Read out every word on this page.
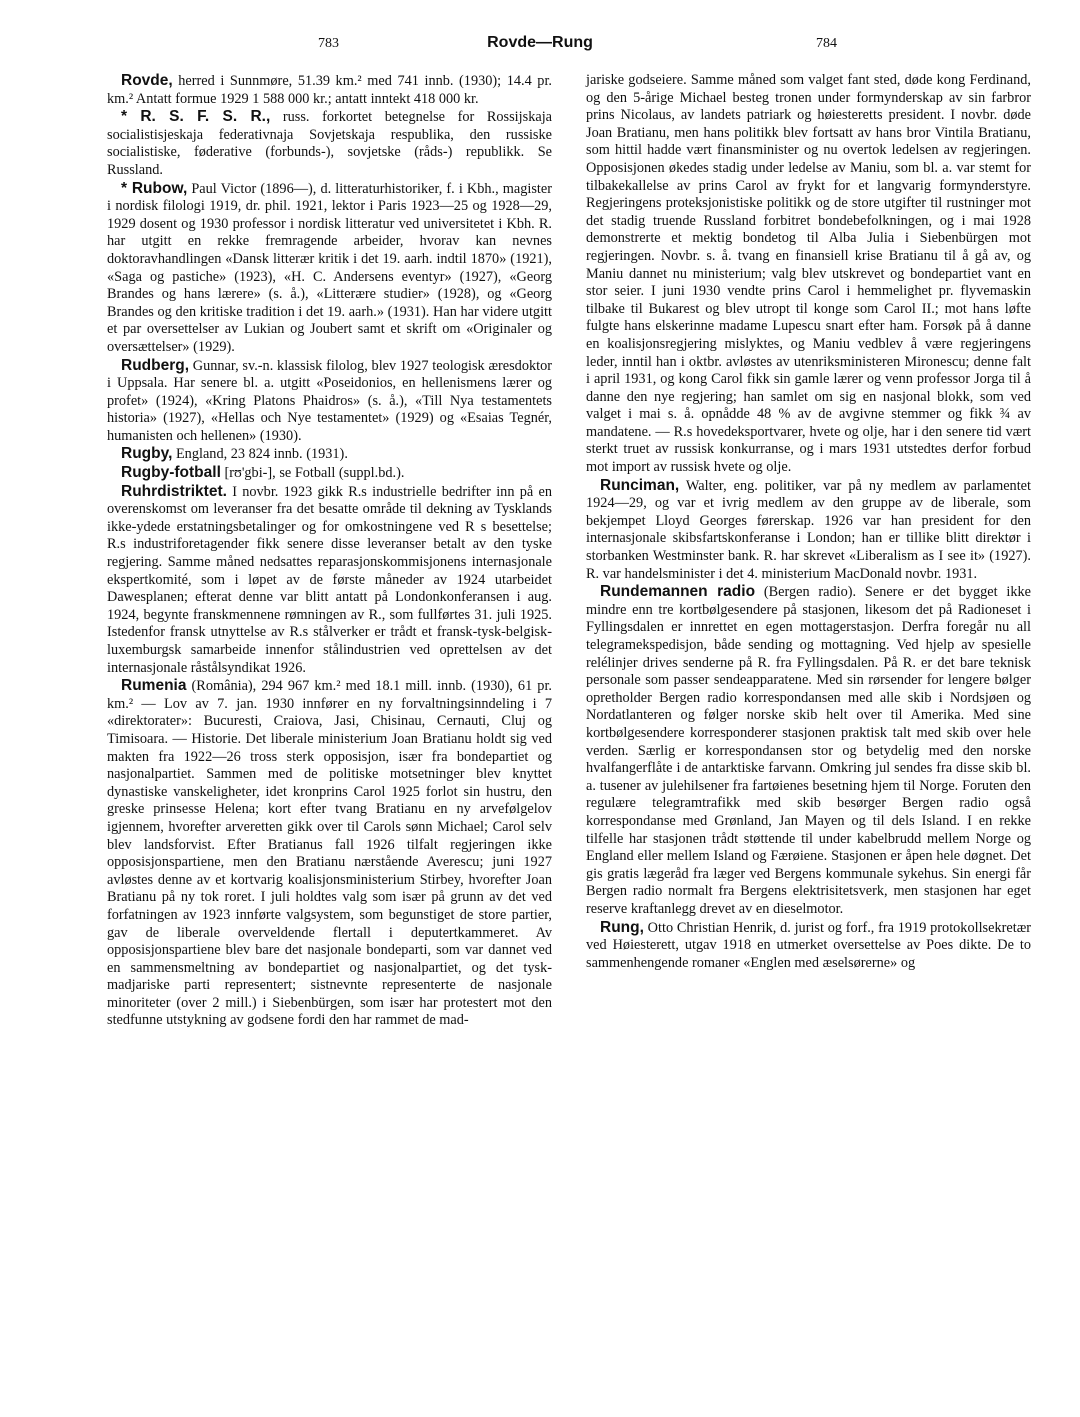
783	Rovde—Rung	784

Rovde, herred i Sunnmøre, 51.39 km.² med 741 innb. (1930); 14.4 pr. km.² Antatt formue 1929 1 588 000 kr.; antatt inntekt 418 000 kr.

* R. S. F. S. R., russ. forkortet betegnelse for Rossijskaja socialistisjeskaja federativnaja Sovjetskaja respublika, den russiske socialistiske, føderative (forbunds-), sovjetske (råds-) republikk. Se Russland.

* Rubow, Paul Victor (1896—), d. litteraturhistoriker, f. i Kbh., magister i nordisk filologi 1919, dr. phil. 1921, lektor i Paris 1923—25 og 1928—29, 1929 dosent og 1930 professor i nordisk litteratur ved universitetet i Kbh. R. har utgitt en rekke fremragende arbeider, hvorav kan nevnes doktoravhandlingen «Dansk litterær kritik i det 19. aarh. indtil 1870» (1921), «Saga og pastiche» (1923), «H. C. Andersens eventyr» (1927), «Georg Brandes og hans lærere» (s. å.), «Litterære studier» (1928), og «Georg Brandes og den kritiske tradition i det 19. aarh.» (1931). Han har videre utgitt et par oversettelser av Lukian og Joubert samt et skrift om «Originaler og oversættelser» (1929).

Rudberg, Gunnar, sv.-n. klassisk filolog, blev 1927 teologisk æresdoktor i Uppsala. Har senere bl. a. utgitt «Poseidonios, en hellenismens lærer og profet» (1924), «Kring Platons Phaidros» (s. å.), «Till Nya testamentets historia» (1927), «Hellas och Nye testamentet» (1929) og «Esaias Tegnér, humanisten och hellenen» (1930).

Rugby, England, 23 824 innb. (1931).

Rugby-fotball [rʊ'gbi-], se Fotball (suppl.bd.).

Ruhrdistriktet. I novbr. 1923 gikk R.s industrielle bedrifter inn på en overenskomst om leveranser fra det besatte område til dekning av Tysklands ikke-ydede erstatningsbetalinger og for omkostningene ved R s besettelse; R.s industriforetagender fikk senere disse leveranser betalt av den tyske regjering. Samme måned nedsattes reparasjonskommisjonens internasjonale ekspertkomité, som i løpet av de første måneder av 1924 utarbeidet Dawesplanen; efterat denne var blitt antatt på Londonkonferansen i aug. 1924, begynte franskmennene rømningen av R., som fullførtes 31. juli 1925. Istedenfor fransk utnyttelse av R.s stålverker er trådt et fransk-tysk-belgisk-luxemburgsk samarbeide innenfor stålindustrien ved oprettelsen av det internasjonale råstålsyndikat 1926.

Rumenia (România), 294 967 km.² med 18.1 mill. innb. (1930), 61 pr. km.² — Lov av 7. jan. 1930 innfører en ny forvaltningsinndeling i 7 «direktorater»: Bucuresti, Craiova, Jasi, Chisinau, Cernauti, Cluj og Timisoara. — Historie. Det liberale ministerium Joan Bratianu holdt sig ved makten fra 1922—26 tross sterk opposisjon, især fra bondepartiet og nasjonalpartiet. Sammen med de politiske motsetninger blev knyttet dynastiske vanskeligheter, idet kronprins Carol 1925 forlot sin hustru, den greske prinsesse Helena; kort efter tvang Bratianu en ny arvefølgelov igjennem, hvorefter arveretten gikk over til Carols sønn Michael; Carol selv blev landsforvist. Efter Bratianus fall 1926 tilfalt regjeringen ikke opposisjonspartiene, men den Bratianu nærstående Averescu; juni 1927 avløstes denne av et kortvarig koalisjonsministerium Stirbey, hvorefter Joan Bratianu på ny tok roret. I juli holdtes valg som især på grunn av det ved forfatningen av 1923 innførte valgsystem, som begunstiget de store partier, gav de liberale overveldende flertall i deputertkammeret. Av opposisjonspartiene blev bare det nasjonale bondeparti, som var dannet ved en sammensmeltning av bondepartiet og nasjonalpartiet, og det tysk-madjariske parti representert; sistnevnte representerte de nasjonale minoriteter (over 2 mill.) i Siebenbürgen, som især har protestert mot den stedfunne utstykning av godsene fordi den har rammet de mad-

jariske godseiere. Samme måned som valget fant sted, døde kong Ferdinand, og den 5-årige Michael besteg tronen under formynderskap av sin farbror prins Nicolaus, av landets patriark og høiesteretts president. I novbr. døde Joan Bratianu, men hans politikk blev fortsatt av hans bror Vintila Bratianu, som hittil hadde vært finansminister og nu overtok ledelsen av regjeringen. Opposisjonen økedes stadig under ledelse av Maniu, som bl. a. var stemt for tilbakekallelse av prins Carol av frykt for et langvarig formynderstyre. Regjeringens proteksjonistiske politikk og de store utgifter til rustninger mot det stadig truende Russland forbitret bondebefolkningen, og i mai 1928 demonstrerte et mektig bondetog til Alba Julia i Siebenbürgen mot regjeringen. Novbr. s. å. tvang en finansiell krise Bratianu til å gå av, og Maniu dannet nu ministerium; valg blev utskrevet og bondepartiet vant en stor seier. I juni 1930 vendte prins Carol i hemmelighet pr. flyvemaskin tilbake til Bukarest og blev utropt til konge som Carol II.; mot hans løfte fulgte hans elskerinne madame Lupescu snart efter ham. Forsøk på å danne en koalisjonsregjering mislyktes, og Maniu vedblev å være regjeringens leder, inntil han i oktbr. avløstes av utenriksministeren Mironescu; denne falt i april 1931, og kong Carol fikk sin gamle lærer og venn professor Jorga til å danne den nye regjering; han samlet om sig en nasjonal blokk, som ved valget i mai s. å. opnådde 48 % av de avgivne stemmer og fikk ¾ av mandatene. — R.s hovedeksportvarer, hvete og olje, har i den senere tid vært sterkt truet av russisk konkurranse, og i mars 1931 utstedtes derfor forbud mot import av russisk hvete og olje.

Runciman, Walter, eng. politiker, var på ny medlem av parlamentet 1924—29, og var et ivrig medlem av den gruppe av de liberale, som bekjempet Lloyd Georges førerskap. 1926 var han president for den internasjonale skibsfartskonferanse i London; han er tillike blitt direktør i storbanken Westminster bank. R. har skrevet «Liberalism as I see it» (1927). R. var handelsminister i det 4. ministerium MacDonald novbr. 1931.

Rundemannen radio (Bergen radio). Senere er det bygget ikke mindre enn tre kortbølgesendere på stasjonen, likesom det på Radioneset i Fyllingsdalen er innrettet en egen mottagerstasjon. Derfra foregår nu all telegramekspedisjon, både sending og mottagning. Ved hjelp av spesielle relélinjer drives senderne på R. fra Fyllingsdalen. På R. er det bare teknisk personale som passer sendeapparatene. Med sin rørsender for lengere bølger opretholder Bergen radio korrespondansen med alle skib i Nordsjøen og Nordatlanteren og følger norske skib helt over til Amerika. Med sine kortbølgesendere korresponderer stasjonen praktisk talt med skib over hele verden. Særlig er korrespondansen stor og betydelig med den norske hvalfangerflåte i de antarktiske farvann. Omkring jul sendes fra disse skib bl. a. tusener av julehilsener fra fartøienes besetning hjem til Norge. Foruten den regulære telegramtrafikk med skib besørger Bergen radio også korrespondanse med Grønland, Jan Mayen og til dels Island. I en rekke tilfelle har stasjonen trådt støttende til under kabelbrudd mellem Norge og England eller mellem Island og Færøiene. Stasjonen er åpen hele døgnet. Det gis gratis lægeråd fra læger ved Bergens kommunale sykehus. Sin energi får Bergen radio normalt fra Bergens elektrisitetsverk, men stasjonen har eget reserve kraftanlegg drevet av en dieselmotor.

Rung, Otto Christian Henrik, d. jurist og forf., fra 1919 protokollsekretær ved Høiesterett, utgav 1918 en utmerket oversettelse av Poes dikte. De to sammenhengende romaner «Englen med æselsørerne» og
